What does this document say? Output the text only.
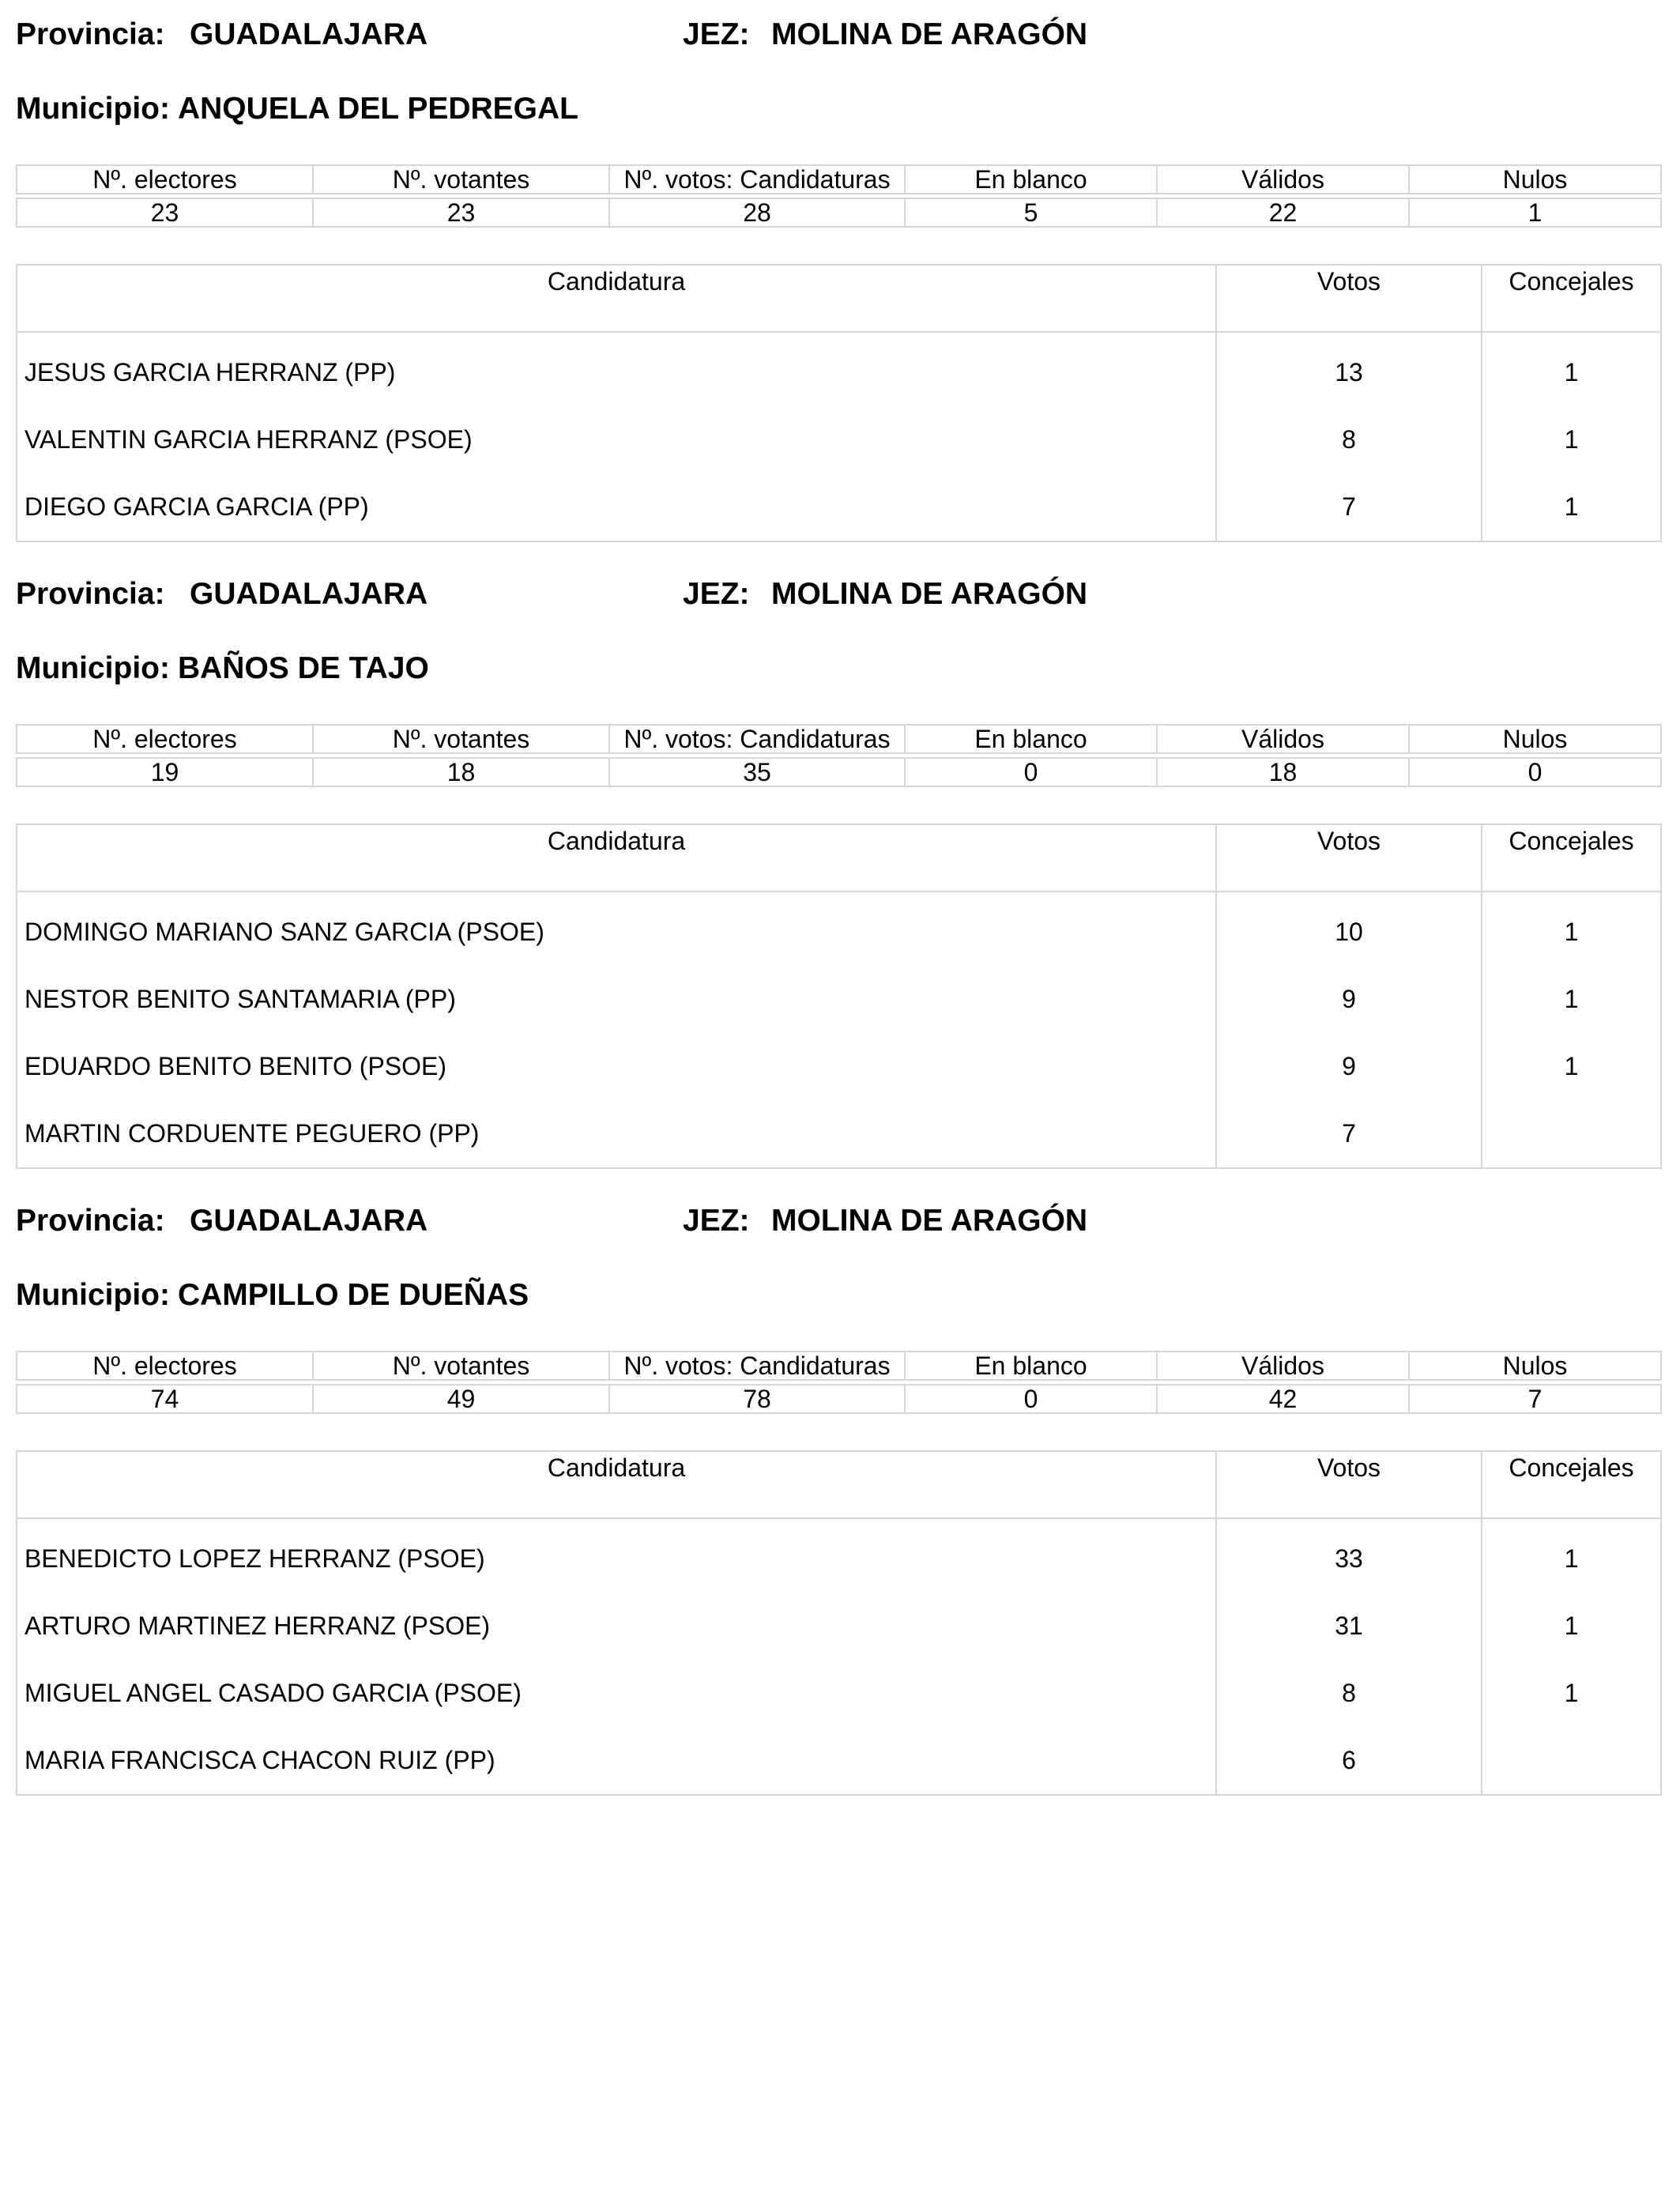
Provincia: GUADALAJARA	JEZ: MOLINA DE ARAGÓN
Municipio: ANQUELA DEL PEDREGAL
Nº. electores	Nº. votantes	Nº. votos: Candidaturas	En blanco	Válidos	Nulos

23	23	28	5	22	1
Candidatura	Votos	Concejales
JESUS GARCIA HERRANZ (PP)	13	1
VALENTIN GARCIA HERRANZ (PSOE)	8	1
DIEGO GARCIA GARCIA (PP)	7	1
Provincia: GUADALAJARA	JEZ: MOLINA DE ARAGÓN
Municipio: BAÑOS DE TAJO
Nº. electores	Nº. votantes	Nº. votos: Candidaturas	En blanco	Válidos	Nulos

19	18	35	0	18	0
Candidatura	Votos	Concejales
DOMINGO MARIANO SANZ GARCIA (PSOE)	10	1
NESTOR BENITO SANTAMARIA (PP)	9	1
EDUARDO BENITO BENITO (PSOE)	9	1
MARTIN CORDUENTE PEGUERO (PP)	7	
Provincia: GUADALAJARA	JEZ: MOLINA DE ARAGÓN
Municipio: CAMPILLO DE DUEÑAS
Nº. electores	Nº. votantes	Nº. votos: Candidaturas	En blanco	Válidos	Nulos

74	49	78	0	42	7
Candidatura	Votos	Concejales
BENEDICTO LOPEZ HERRANZ (PSOE)	33	1
ARTURO MARTINEZ HERRANZ (PSOE)	31	1
MIGUEL ANGEL CASADO GARCIA (PSOE)	8	1
MARIA FRANCISCA CHACON RUIZ (PP)	6	
